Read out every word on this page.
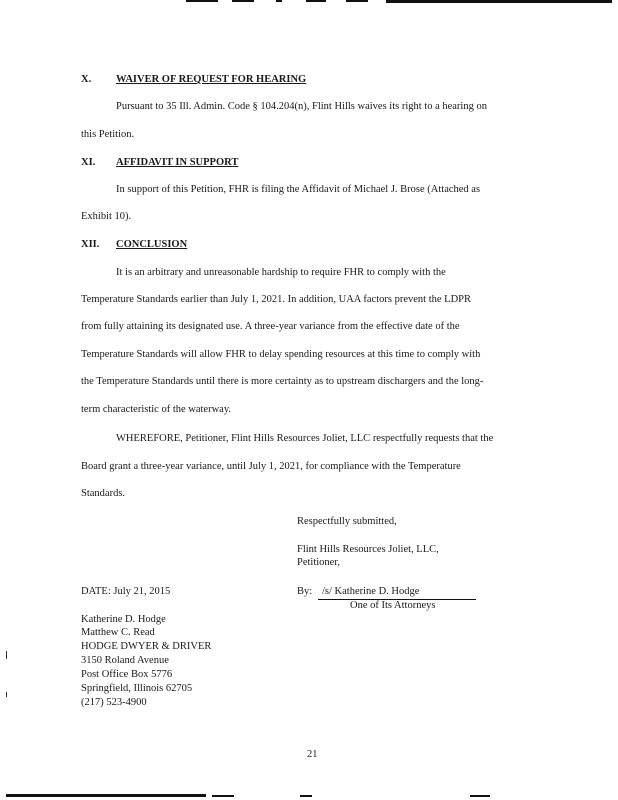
X. WAIVER OF REQUEST FOR HEARING
Pursuant to 35 Ill. Admin. Code § 104.204(n), Flint Hills waives its right to a hearing on
this Petition.
XI. AFFIDAVIT IN SUPPORT
In support of this Petition, FHR is filing the Affidavit of Michael J. Brose (Attached as
Exhibit 10).
XII. CONCLUSION
It is an arbitrary and unreasonable hardship to require FHR to comply with the
Temperature Standards earlier than July 1, 2021. In addition, UAA factors prevent the LDPR
from fully attaining its designated use. A three-year variance from the effective date of the
Temperature Standards will allow FHR to delay spending resources at this time to comply with
the Temperature Standards until there is more certainty as to upstream dischargers and the long-
term characteristic of the waterway.
WHEREFORE, Petitioner, Flint Hills Resources Joliet, LLC respectfully requests that the
Board grant a three-year variance, until July 1, 2021, for compliance with the Temperature
Standards.
Respectfully submitted,
Flint Hills Resources Joliet, LLC,
Petitioner,
DATE: July 21, 2015	By: /s/ Katherine D. Hodge
One of Its Attorneys
Katherine D. Hodge
Matthew C. Read
HODGE DWYER & DRIVER
3150 Roland Avenue
Post Office Box 5776
Springfield, Illinois 62705
(217) 523-4900
21
